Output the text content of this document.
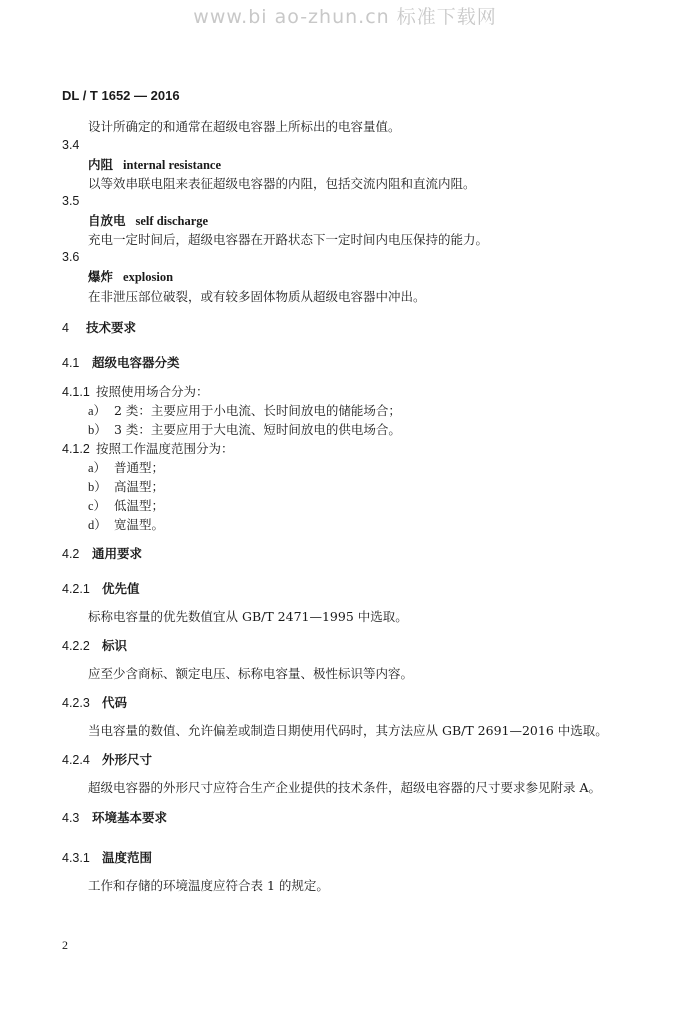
www.bi ao-zhun.cn 标准下载网
DL / T 1652 — 2016
设计所确定的和通常在超级电容器上所标出的电容量值。
3.4
内阻 internal resistance
以等效串联电阻来表征超级电容器的内阻，包括交流内阻和直流内阻。
3.5
自放电 self discharge
充电一定时间后，超级电容器在开路状态下一定时间内电压保持的能力。
3.6
爆炸 explosion
在非泄压部位破裂，或有较多固体物质从超级电容器中冲出。
4 技术要求
4.1 超级电容器分类
4.1.1 按照使用场合分为：
a） 2 类：主要应用于小电流、长时间放电的储能场合；
b） 3 类：主要应用于大电流、短时间放电的供电场合。
4.1.2 按照工作温度范围分为：
a） 普通型；
b） 高温型；
c） 低温型；
d） 宽温型。
4.2 通用要求
4.2.1 优先值
标称电容量的优先数值宜从 GB/T 2471—1995 中选取。
4.2.2 标识
应至少含商标、额定电压、标称电容量、极性标识等内容。
4.2.3 代码
当电容量的数值、允许偏差或制造日期使用代码时，其方法应从 GB/T 2691—2016 中选取。
4.2.4 外形尺寸
超级电容器的外形尺寸应符合生产企业提供的技术条件，超级电容器的尺寸要求参见附录 A。
4.3 环境基本要求
4.3.1 温度范围
工作和存储的环境温度应符合表 1 的规定。
2
